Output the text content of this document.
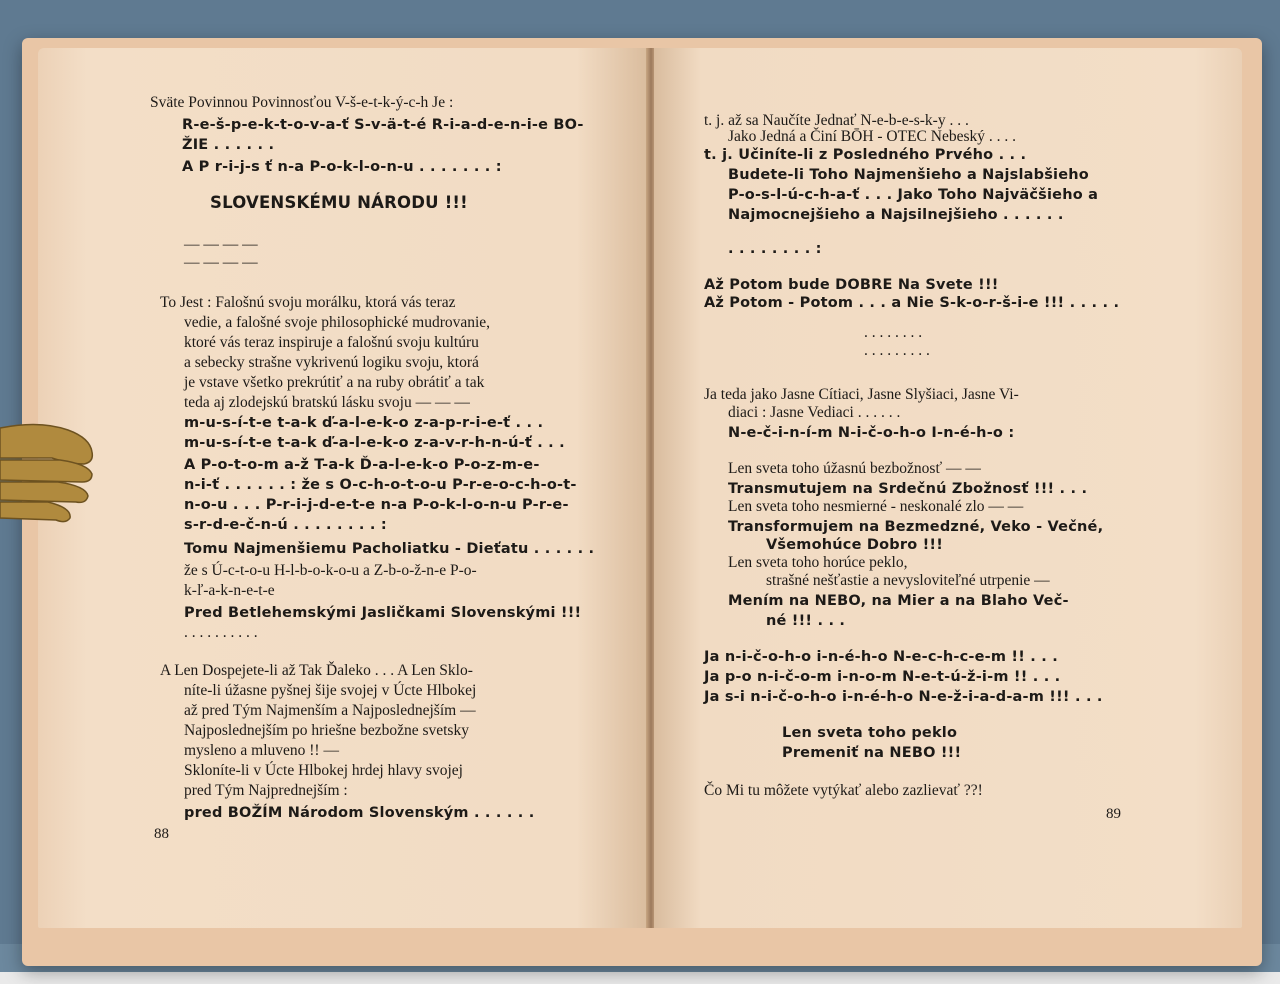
Sväte Povinnou Povinnosťou V-š-e-t-k-ý-c-h Je :
R-e-š-p-e-k-t-o-v-a-ť S-v-ä-t-é R-i-a-d-e-n-i-e BO-
ŽIE . . . . . .
A P r-i-j-s ť n-a P-o-k-l-o-n-u . . . . . . . :
SLOVENSKÉMU NÁRODU !!!
— — — —
— — — —
To Jest : Falošnú svoju morálku, ktorá vás teraz
vedie, a falošné svoje philosophické mudrovanie,
ktoré vás teraz inspiruje a falošnú svoju kultúru
a sebecky strašne vykrivenú logiku svoju, ktorá
je vstave všetko prekrútiť a na ruby obrátiť a tak
teda aj zlodejskú bratskú lásku svoju — — —
m-u-s-í-t-e t-a-k ď-a-l-e-k-o z-a-p-r-i-e-ť . . .
m-u-s-í-t-e t-a-k ď-a-l-e-k-o z-a-v-r-h-n-ú-ť . . .
A P-o-t-o-m a-ž T-a-k Ď-a-l-e-k-o P-o-z-m-e-
n-i-ť . . . . . . : že s O-c-h-o-t-o-u P-r-e-o-c-h-o-t-
n-o-u . . . P-r-i-j-d-e-t-e n-a P-o-k-l-o-n-u P-r-e-
s-r-d-e-č-n-ú . . . . . . . . :
Tomu Najmenšiemu Pacholiatku - Dieťatu . . . . . .
že s Ú-c-t-o-u H-l-b-o-k-o-u a Z-b-o-ž-n-e P-o-
k-ľ-a-k-n-e-t-e
Pred Betlehemskými Jasličkami Slovenskými !!!
. . . . . . . . . .
A Len Dospejete-li až Tak Ďaleko . . . A Len Sklo-
níte-li úžasne pyšnej šije svojej v Úcte Hlbokej
až pred Tým Najmenším a Najposlednejším —
Najposlednejším po hriešne bezbožne svetsky
mysleno a mluveno !! —
Skloníte-li v Úcte Hlbokej hrdej hlavy svojej
pred Tým Najprednejším :
pred BOŽÍM Národom Slovenským . . . . . .
88
t. j. až sa Naučíte Jednať N-e-b-e-s-k-y . . .
Jako Jedná a Činí BŌH - OTEC Nebeský . . . .
t. j. Učiníte-li z Posledného Prvého . . .
Budete-li Toho Najmenšieho a Najslabšieho
P-o-s-l-ú-c-h-a-ť . . . Jako Toho Najväčšieho a
Najmocnejšieho a Najsilnejšieho . . . . . .
. . . . . . . . :
Až Potom bude DOBRE Na Svete !!!
Až Potom - Potom . . . a Nie S-k-o-r-š-i-e !!! . . . . .
. . . . . . . .
. . . . . . . . .
Ja teda jako Jasne Cítiaci, Jasne Slyšiaci, Jasne Vi-
diaci : Jasne Vediaci . . . . . .
N-e-č-i-n-í-m N-i-č-o-h-o I-n-é-h-o :
Len sveta toho úžasnú bezbožnosť — —
Transmutujem na Srdečnú Zbožnosť !!! . . .
Len sveta toho nesmierné - neskonalé zlo — —
Transformujem na Bezmedzné, Veko - Večné,
Všemohúce Dobro !!!
Len sveta toho horúce peklo,
strašné nešťastie a nevysloviteľné utrpenie —
Mením na NEBO, na Mier a na Blaho Več-
né !!! . . .
Ja n-i-č-o-h-o i-n-é-h-o N-e-c-h-c-e-m !! . . .
Ja p-o n-i-č-o-m i-n-o-m N-e-t-ú-ž-i-m !! . . .
Ja s-i n-i-č-o-h-o i-n-é-h-o N-e-ž-i-a-d-a-m !!! . . .
Len sveta toho peklo
Premeniť na NEBO !!!
Čo Mi tu môžete vytýkať alebo zazlievať ??!
89
